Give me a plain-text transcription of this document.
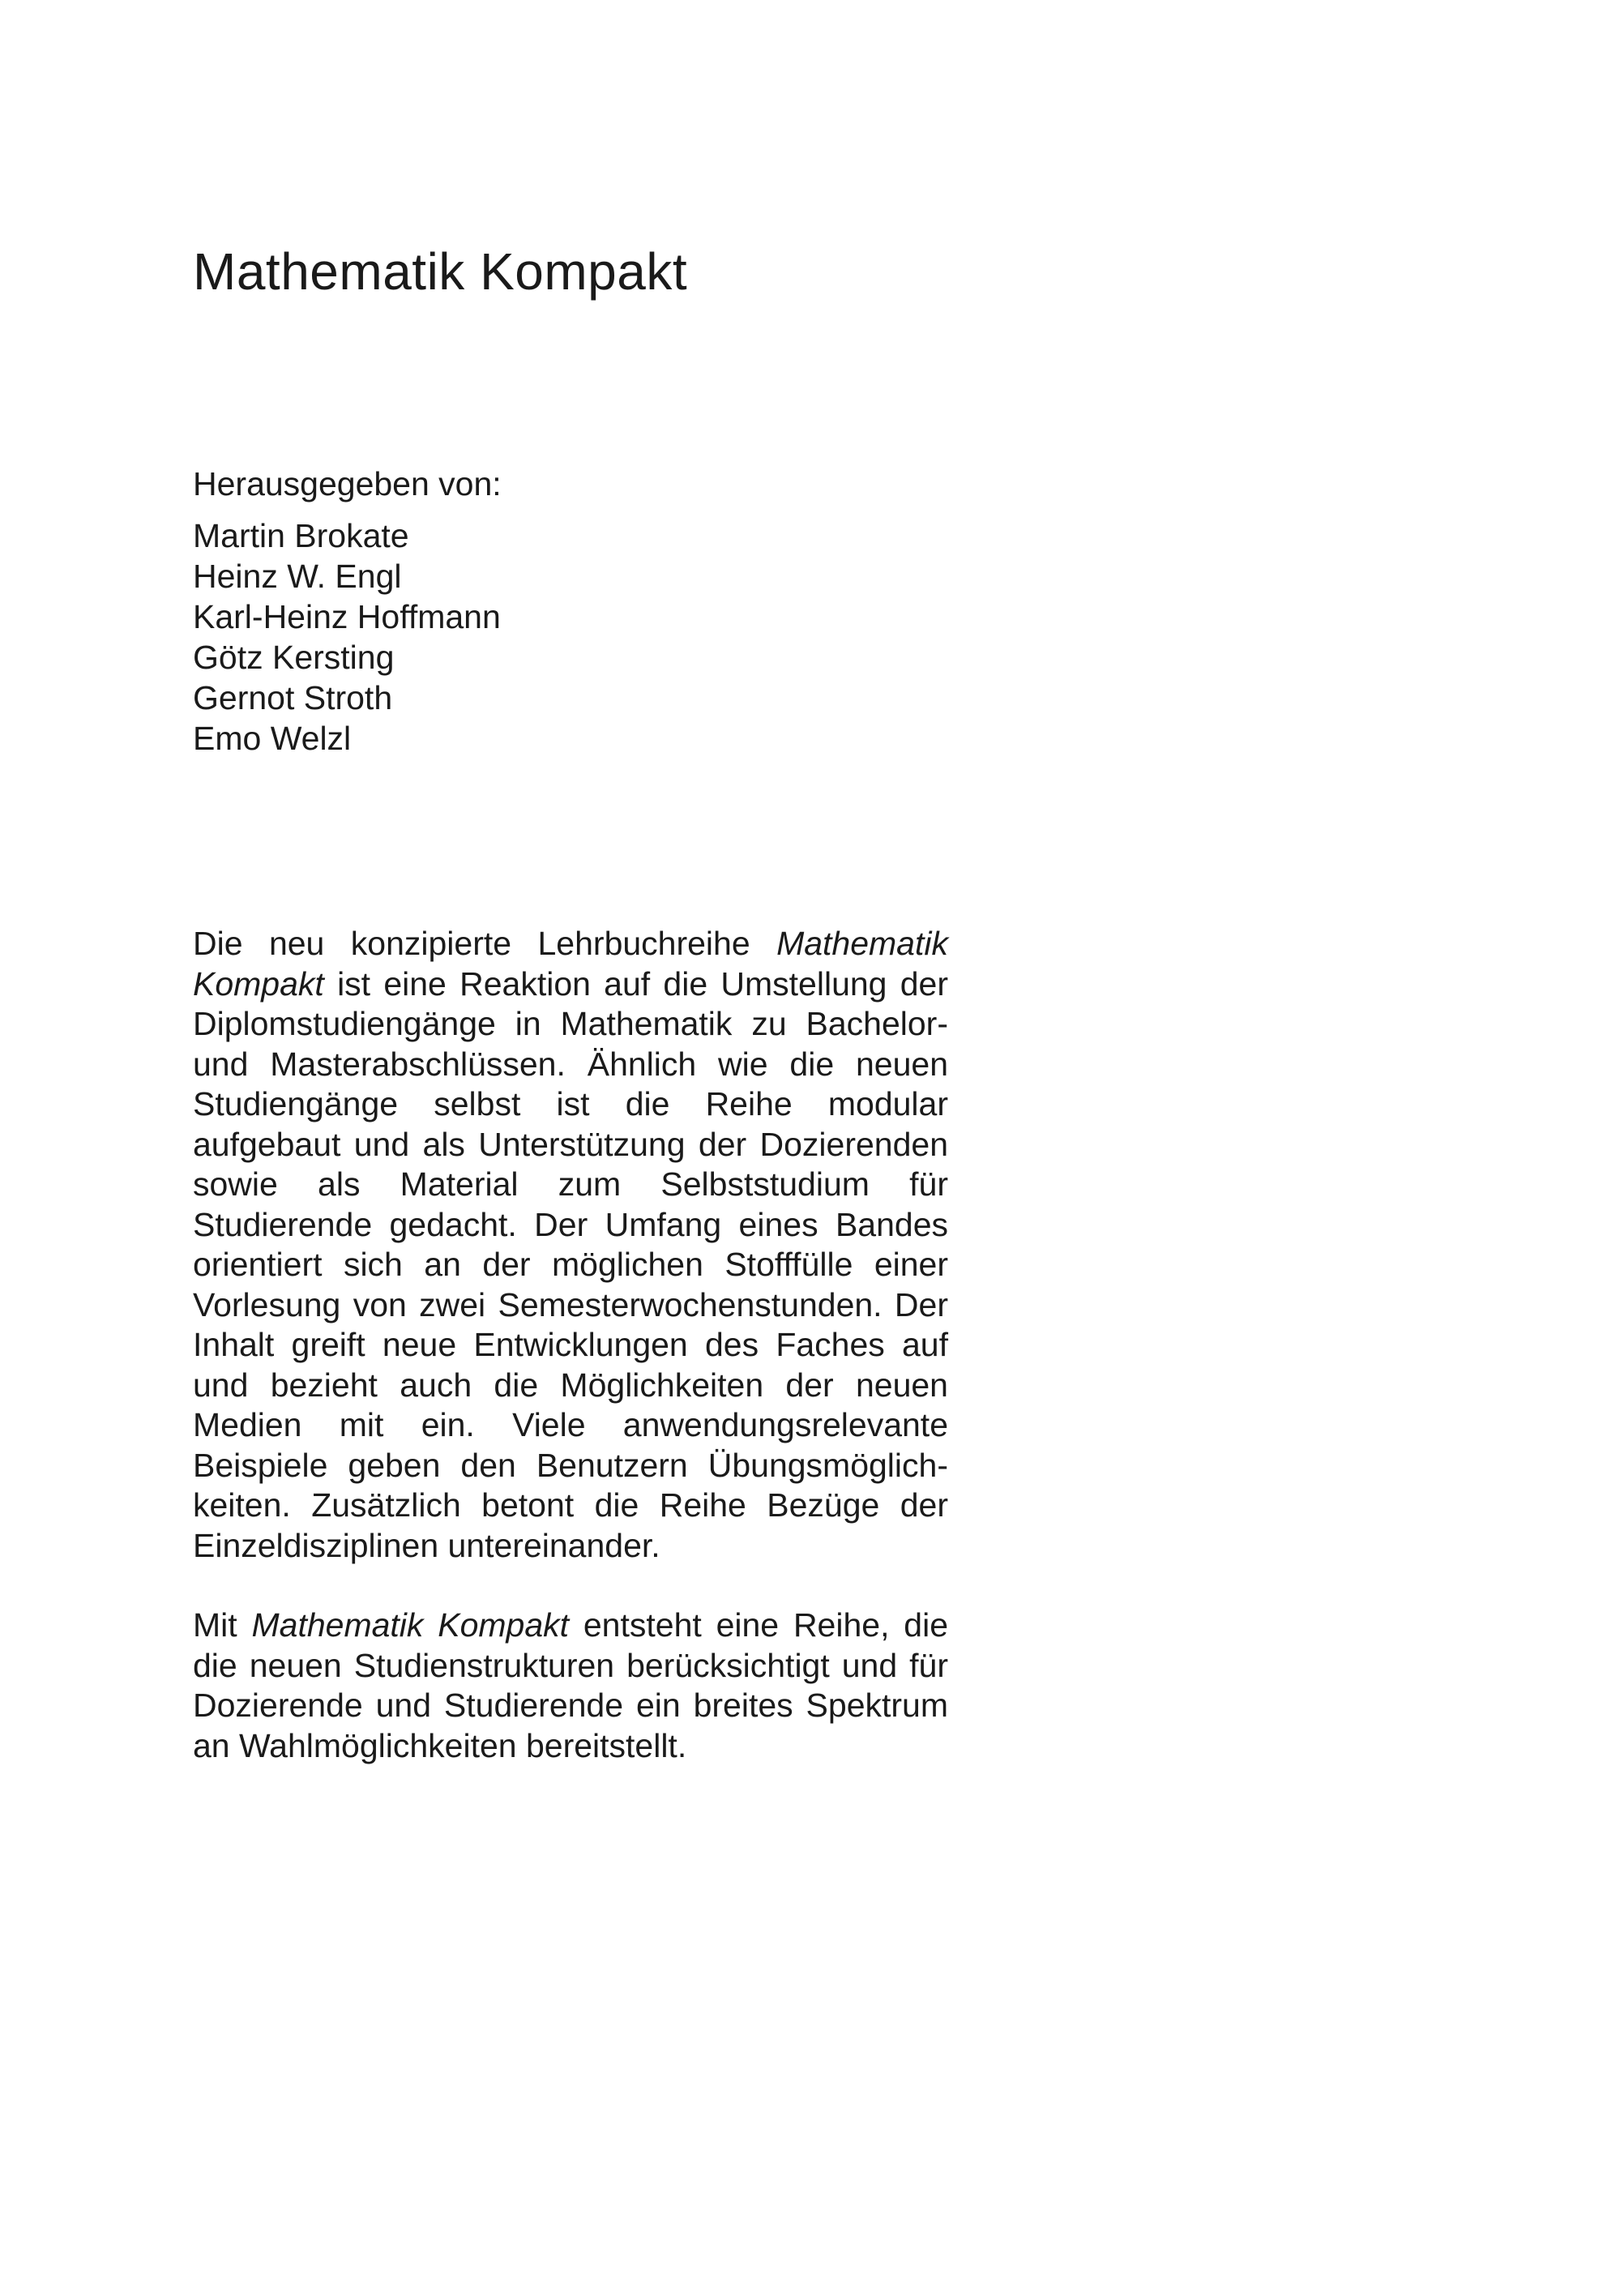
Mathematik Kompakt

Herausgegeben von:

Martin Brokate
Heinz W. Engl
Karl-Heinz Hoffmann
Götz Kersting
Gernot Stroth
Emo Welzl

Die neu konzipierte Lehrbuchreihe Mathematik Kompakt ist eine Reaktion auf die Umstellung der Diplomstudiengänge in Mathematik zu Bachelor- und Masterabschlüssen. Ähnlich wie die neuen Studiengänge selbst ist die Reihe modular aufgebaut und als Unterstützung der Dozierenden sowie als Material zum Selbststudium für Studierende gedacht. Der Umfang eines Bandes orientiert sich an der möglichen Stofffülle einer Vorlesung von zwei Semesterwochenstunden. Der Inhalt greift neue Entwicklungen des Faches auf und bezieht auch die Möglichkeiten der neuen Medien mit ein. Viele anwendungsrelevante Beispiele geben den Benutzern Übungsmöglichkeiten. Zusätzlich betont die Reihe Bezüge der Einzeldisziplinen untereinander.

Mit Mathematik Kompakt entsteht eine Reihe, die die neuen Studienstrukturen berücksichtigt und für Dozierende und Studierende ein breites Spektrum an Wahlmöglichkeiten bereitstellt.
